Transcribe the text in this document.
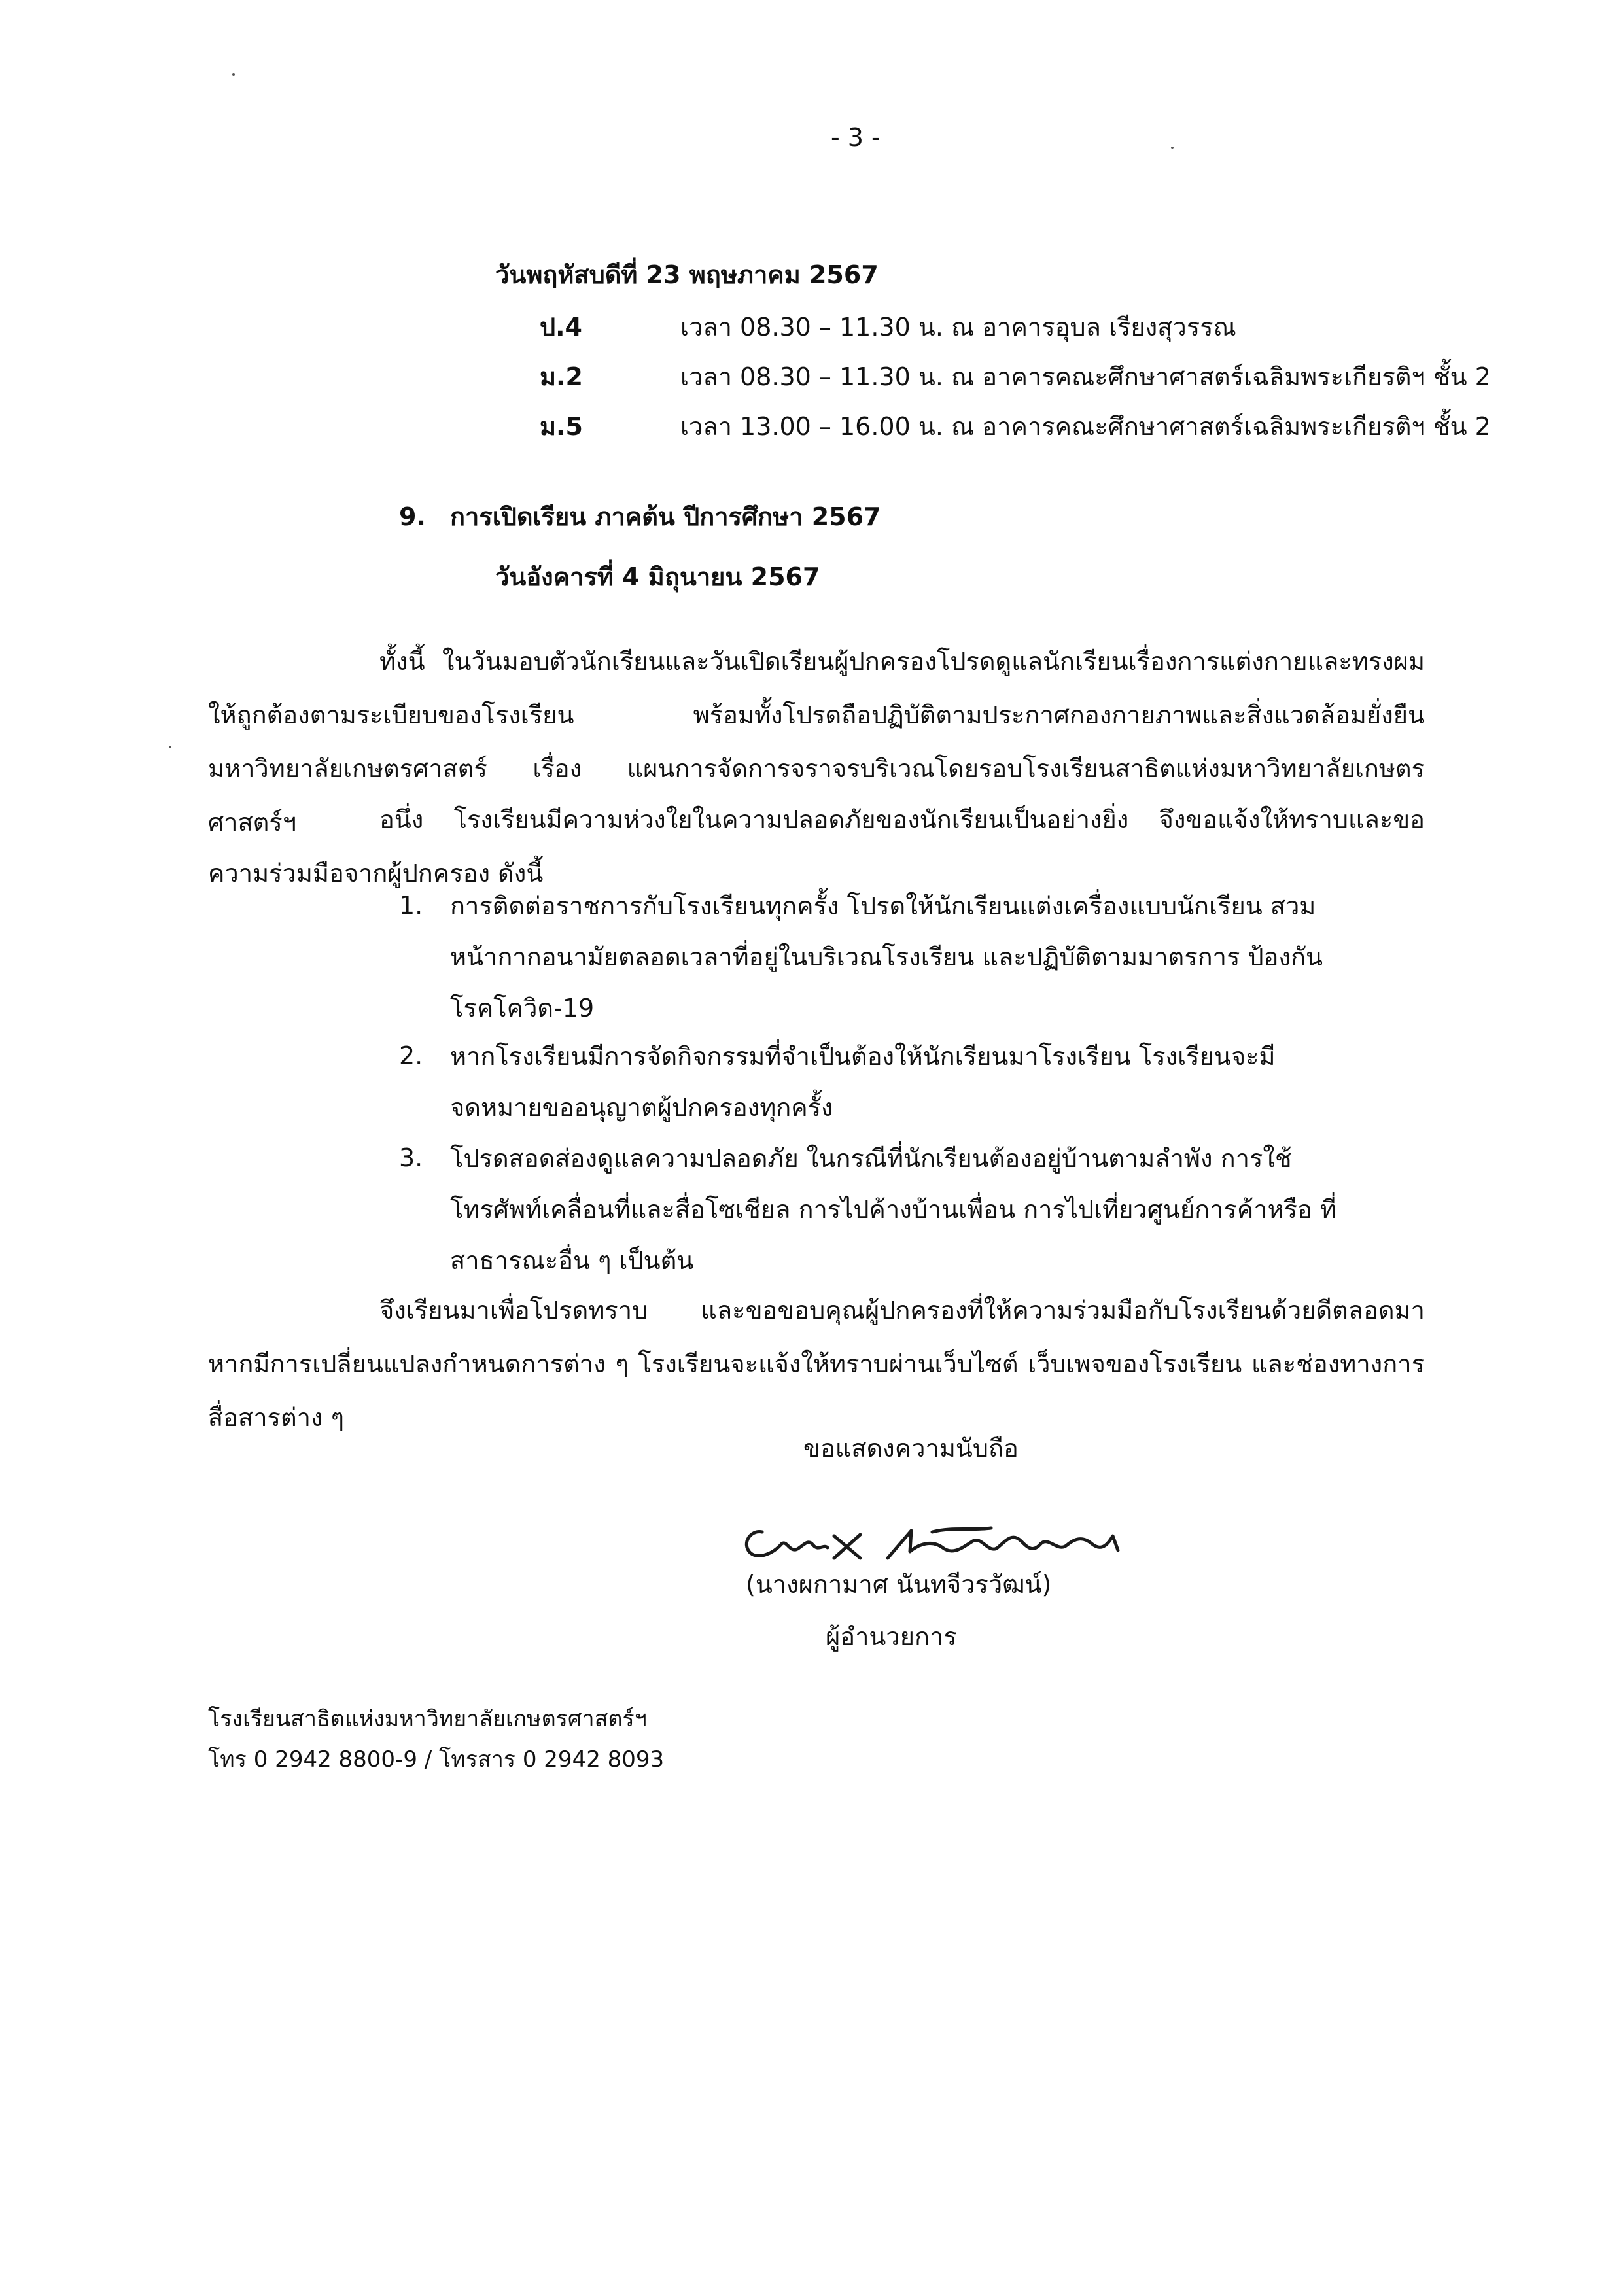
- 3 -
วันพฤหัสบดีที่ 23 พฤษภาคม 2567
ป.4	เวลา 08.30 – 11.30 น. ณ อาคารอุบล เรียงสุวรรณ
ม.2	เวลา 08.30 – 11.30 น. ณ อาคารคณะศึกษาศาสตร์เฉลิมพระเกียรติฯ ชั้น 2
ม.5	เวลา 13.00 – 16.00 น. ณ อาคารคณะศึกษาศาสตร์เฉลิมพระเกียรติฯ ชั้น 2
9. การเปิดเรียน ภาคต้น ปีการศึกษา 2567
วันอังคารที่ 4 มิถุนายน 2567
ทั้งนี้ ในวันมอบตัวนักเรียนและวันเปิดเรียนผู้ปกครองโปรดดูแลนักเรียนเรื่องการแต่งกายและทรงผมให้ถูกต้องตามระเบียบของโรงเรียน พร้อมทั้งโปรดถือปฏิบัติตามประกาศกองกายภาพและสิ่งแวดล้อมยั่งยืน มหาวิทยาลัยเกษตรศาสตร์ เรื่อง แผนการจัดการจราจรบริเวณโดยรอบโรงเรียนสาธิตแห่งมหาวิทยาลัยเกษตรศาสตร์ฯ	อนึ่ง โรงเรียนมีความห่วงใยในความปลอดภัยของนักเรียนเป็นอย่างยิ่ง จึงขอแจ้งให้ทราบและขอความร่วมมือจากผู้ปกครอง ดังนี้
1. การติดต่อราชการกับโรงเรียนทุกครั้ง โปรดให้นักเรียนแต่งเครื่องแบบนักเรียน สวมหน้ากากอนามัยตลอดเวลาที่อยู่ในบริเวณโรงเรียน และปฏิบัติตามมาตรการ ป้องกันโรคโควิด-19
2. หากโรงเรียนมีการจัดกิจกรรมที่จำเป็นต้องให้นักเรียนมาโรงเรียน โรงเรียนจะมี จดหมายขออนุญาตผู้ปกครองทุกครั้ง
3. โปรดสอดส่องดูแลความปลอดภัย ในกรณีที่นักเรียนต้องอยู่บ้านตามลำพัง การใช้โทรศัพท์เคลื่อนที่และสื่อโซเชียล การไปค้างบ้านเพื่อน การไปเที่ยวศูนย์การค้าหรือ ที่สาธารณะอื่น ๆ เป็นต้น
จึงเรียนมาเพื่อโปรดทราบ และขอขอบคุณผู้ปกครองที่ให้ความร่วมมือกับโรงเรียนด้วยดีตลอดมา หากมีการเปลี่ยนแปลงกำหนดการต่าง ๆ โรงเรียนจะแจ้งให้ทราบผ่านเว็บไซต์ เว็บเพจของโรงเรียน และช่องทางการสื่อสารต่าง ๆ
ขอแสดงความนับถือ
(นางผกามาศ นันทจีวรวัฒน์)
ผู้อำนวยการ
โรงเรียนสาธิตแห่งมหาวิทยาลัยเกษตรศาสตร์ฯ
โทร 0 2942 8800-9 / โทรสาร 0 2942 8093
